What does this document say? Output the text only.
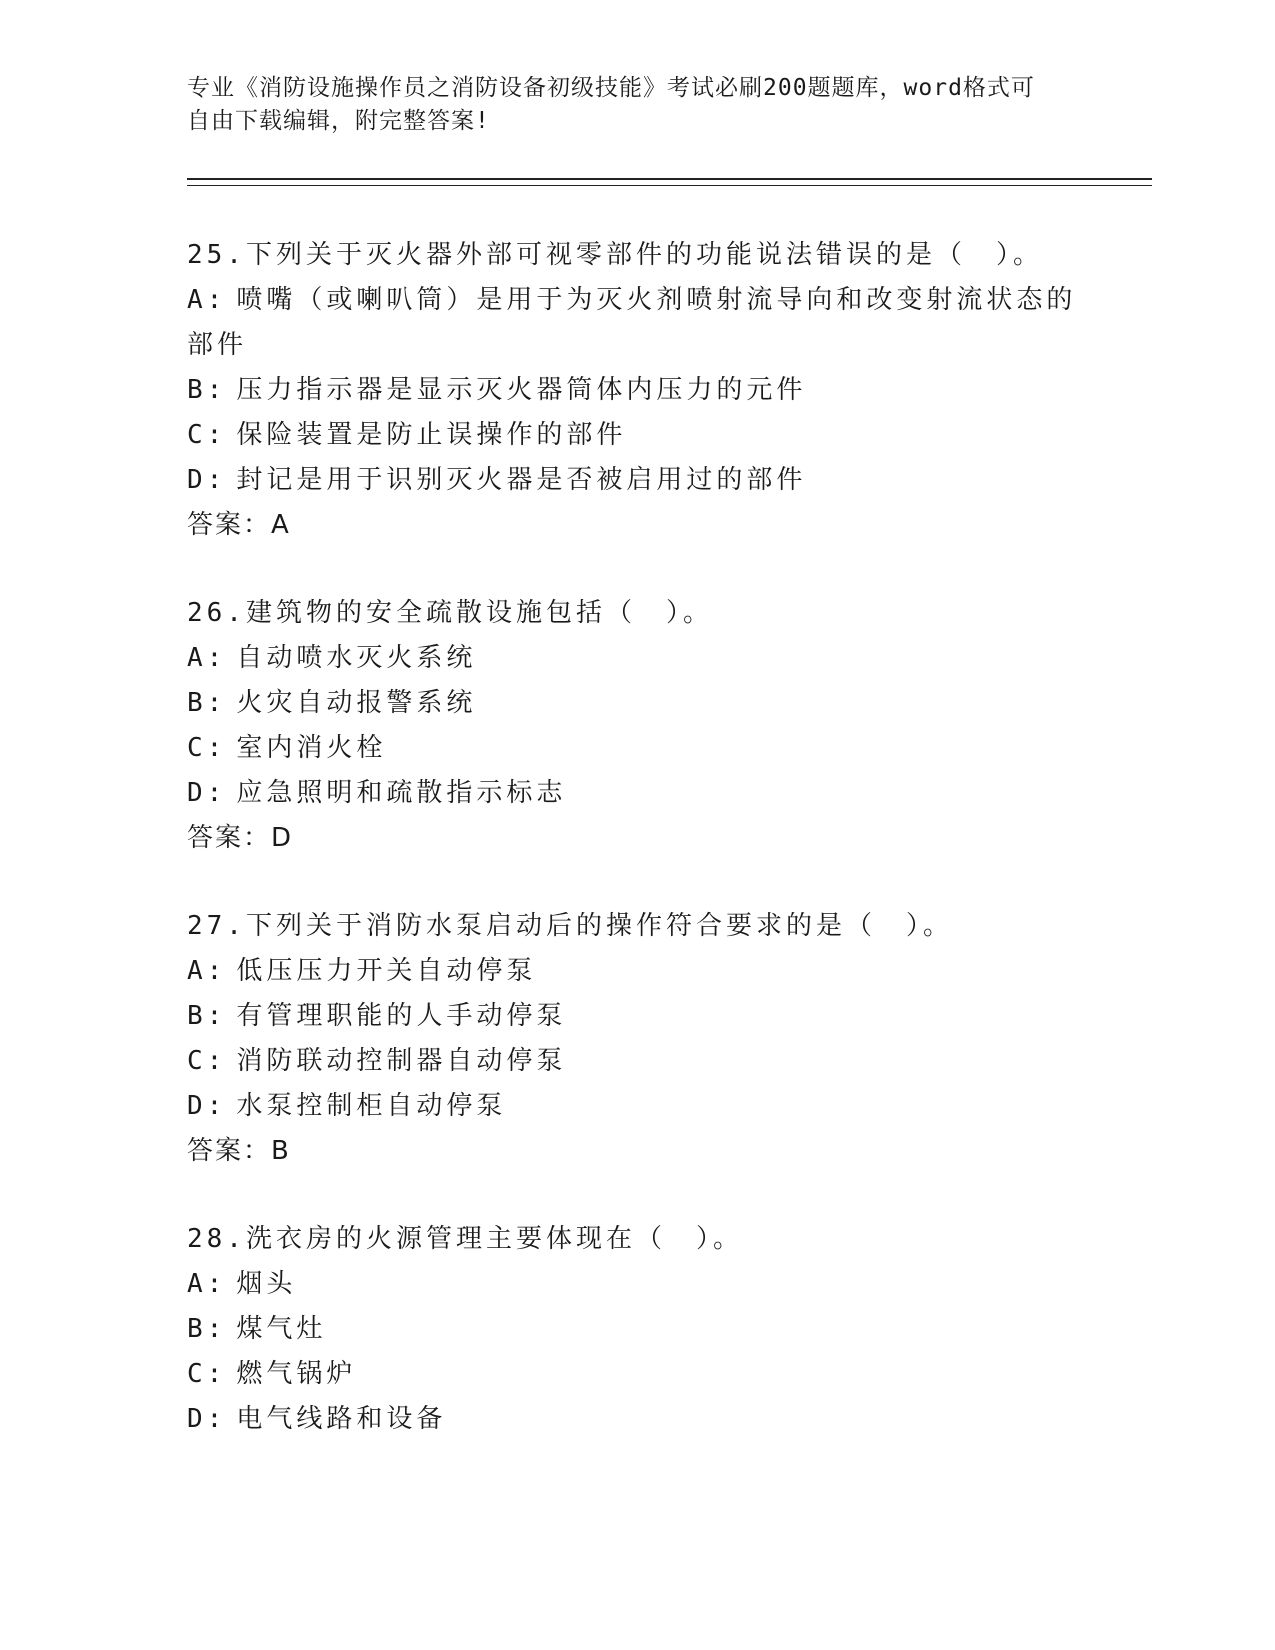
专业《消防设施操作员之消防设备初级技能》考试必刷200题题库，word格式可
自由下载编辑，附完整答案!
25.下列关于灭火器外部可视零部件的功能说法错误的是（　）。
A: 喷嘴（或喇叭筒）是用于为灭火剂喷射流导向和改变射流状态的部件
B: 压力指示器是显示灭火器筒体内压力的元件
C: 保险装置是防止误操作的部件
D: 封记是用于识别灭火器是否被启用过的部件
答案：A
26.建筑物的安全疏散设施包括（　）。
A: 自动喷水灭火系统
B: 火灾自动报警系统
C: 室内消火栓
D: 应急照明和疏散指示标志
答案：D
27.下列关于消防水泵启动后的操作符合要求的是（　）。
A: 低压压力开关自动停泵
B: 有管理职能的人手动停泵
C: 消防联动控制器自动停泵
D: 水泵控制柜自动停泵
答案：B
28.洗衣房的火源管理主要体现在（　）。
A: 烟头
B: 煤气灶
C: 燃气锅炉
D: 电气线路和设备
